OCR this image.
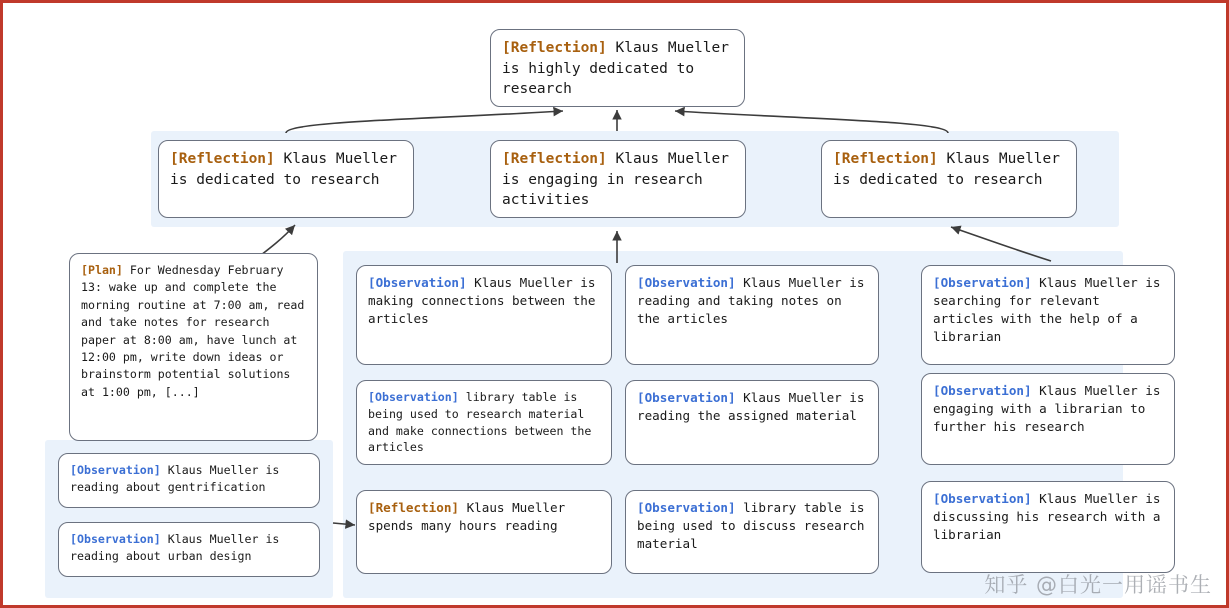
[Reflection] Klaus Mueller is highly dedicated to research
[Reflection] Klaus Mueller is dedicated to research
[Reflection] Klaus Mueller is engaging in research activities
[Reflection] Klaus Mueller is dedicated to research
[Plan] For Wednesday February 13: wake up and complete the morning routine at 7:00 am, read and take notes for research paper at 8:00 am, have lunch at 12:00 pm, write down ideas or brainstorm potential solutions at 1:00 pm, [...]
[Observation] Klaus Mueller is reading about gentrification
[Observation] Klaus Mueller is reading about urban design
[Observation] Klaus Mueller is making connections between the articles
[Observation] library table is being used to research material and make connections between the articles
[Reflection] Klaus Mueller spends many hours reading
[Observation] Klaus Mueller is reading and taking notes on the articles
[Observation] Klaus Mueller is reading the assigned material
[Observation] library table is being used to discuss research material
[Observation] Klaus Mueller is searching for relevant articles with the help of a librarian
[Observation] Klaus Mueller is engaging with a librarian to further his research
[Observation] Klaus Mueller is discussing his research with a librarian
知乎 @白光一用谣书生
